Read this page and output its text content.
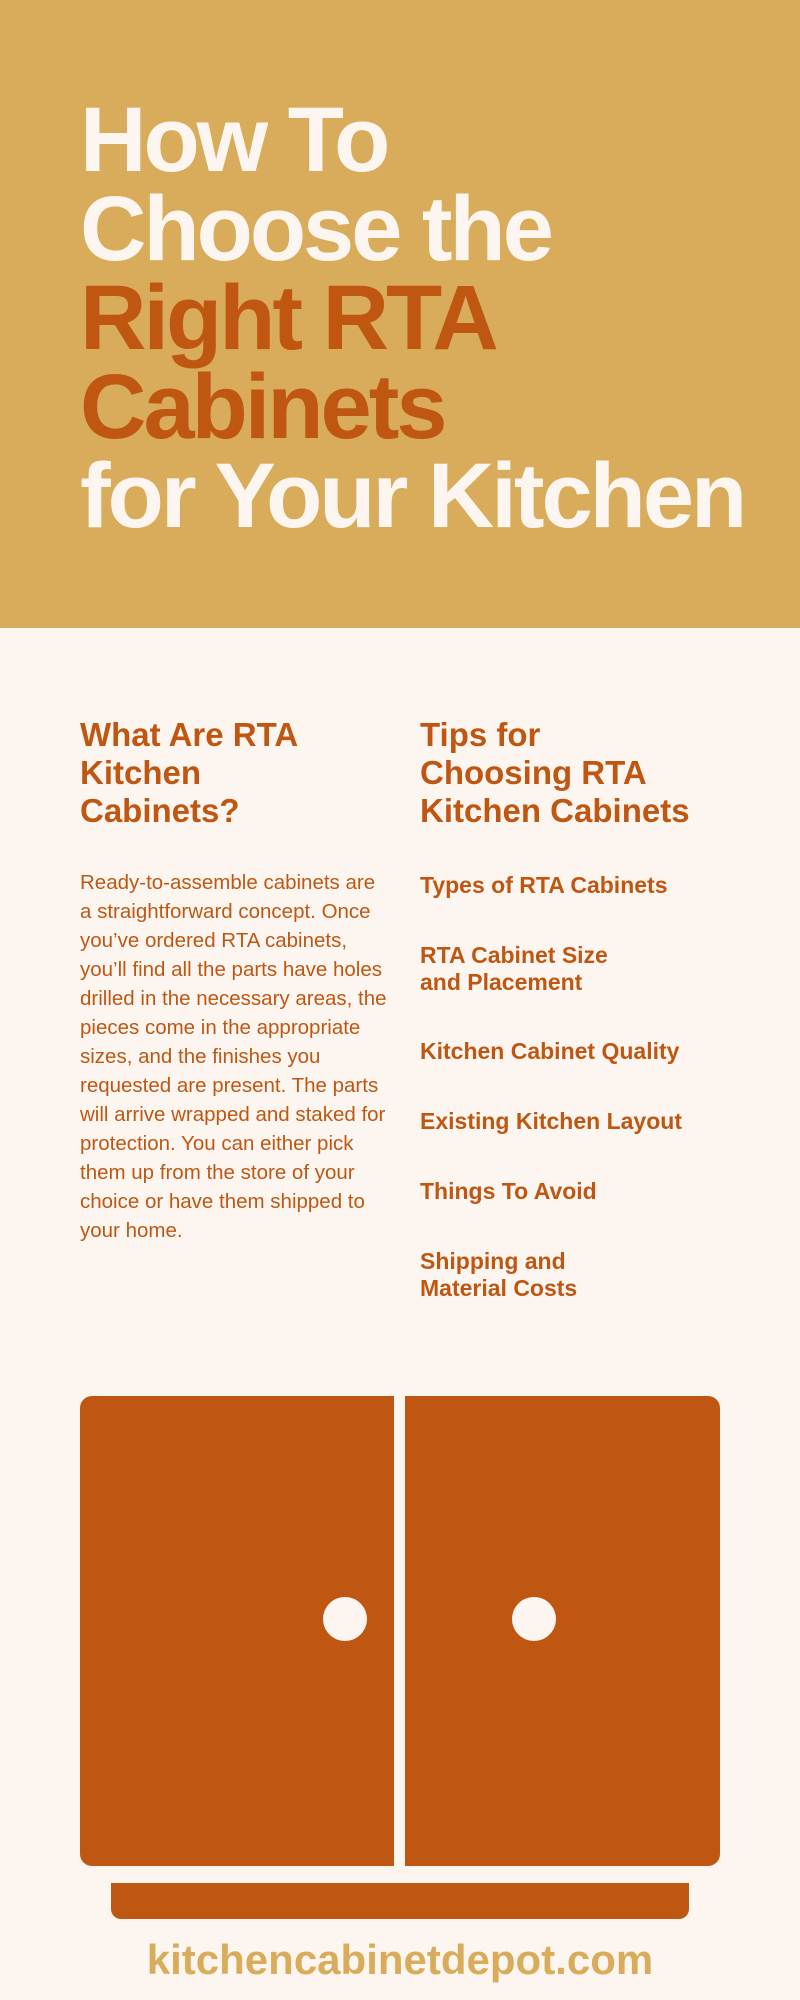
How To
Choose the
Right RTA
Cabinets
for Your Kitchen
What Are RTA
Kitchen
Cabinets?

Ready-to-assemble cabinets are a straightforward concept. Once you’ve ordered RTA cabinets, you’ll find all the parts have holes drilled in the necessary areas, the pieces come in the appropriate sizes, and the finishes you requested are present. The parts will arrive wrapped and staked for protection. You can either pick them up from the store of your choice or have them shipped to your home.

Tips for
Choosing RTA
Kitchen Cabinets
Types of RTA Cabinets
RTA Cabinet Size
and Placement
Kitchen Cabinet Quality
Existing Kitchen Layout
Things To Avoid
Shipping and
Material Costs

kitchencabinetdepot.com
